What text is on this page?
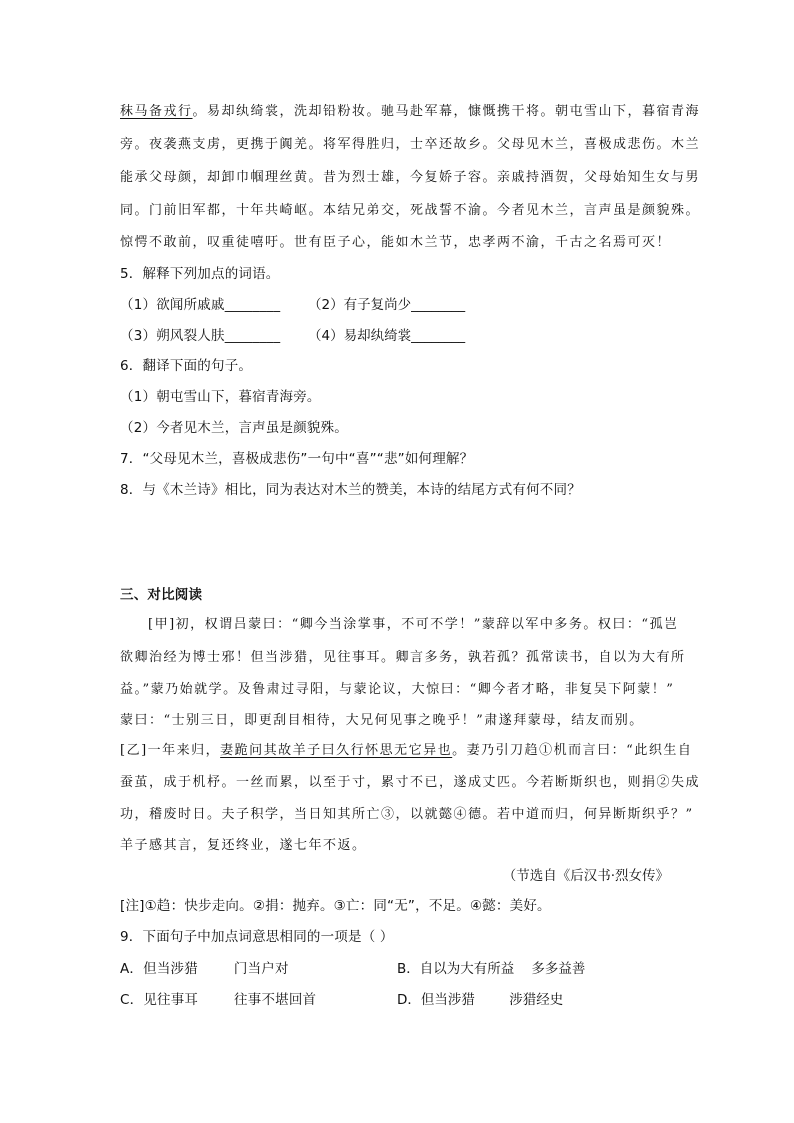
秣马备戎行。易却纨绮裳，洗却铅粉妆。驰马赴军幕，慷慨携干将。朝屯雪山下，暮宿青海
旁。夜袭燕支虏，更携于阗羌。将军得胜归，士卒还故乡。父母见木兰，喜极成悲伤。木兰
能承父母颜，却卸巾帼理丝黄。昔为烈士雄，今复娇子容。亲戚持酒贺，父母始知生女与男
同。门前旧军都，十年共崎岖。本结兄弟交，死战誓不渝。今者见木兰，言声虽是颜貌殊。
惊愕不敢前，叹重徒嘻吁。世有臣子心，能如木兰节，忠孝两不渝，千古之名焉可灭！
5．解释下列加点的词语。
（1）欲闻所戚戚________ （2）有子复尚少________
（3）朔风裂人肤________ （4）易却纨绮裳________
6．翻译下面的句子。
（1）朝屯雪山下，暮宿青海旁。
（2）今者见木兰，言声虽是颜貌殊。
7．“父母见木兰，喜极成悲伤”一句中“喜”“悲”如何理解？
8．与《木兰诗》相比，同为表达对木兰的赞美，本诗的结尾方式有何不同？
三、对比阅读
[甲]初，权谓吕蒙曰：“卿今当涂掌事，不可不学！”蒙辞以军中多务。权曰：“孤岂
欲卿治经为博士邪！但当涉猎，见往事耳。卿言多务，孰若孤？孤常读书，自以为大有所
益。”蒙乃始就学。及鲁肃过寻阳，与蒙论议，大惊曰：“卿今者才略，非复吴下阿蒙！”
蒙曰：“士别三日，即更刮目相待，大兄何见事之晚乎！”肃遂拜蒙母，结友而别。
[乙]一年来归，妻跪问其故羊子曰久行怀思无它异也。妻乃引刀趋①机而言曰：“此织生自
蚕茧，成于机杼。一丝而累，以至于寸，累寸不已，遂成丈匹。今若断斯织也，则捐②失成
功，稽废时日。夫子积学，当日知其所亡③，以就懿④德。若中道而归，何异断斯织乎？”
羊子感其言，复还终业，遂七年不返。
（节选自《后汉书·烈女传》
[注]①趋：快步走向。②捐：抛弃。③亡：同“无”，不足。④懿：美好。
9．下面句子中加点词意思相同的一项是（ ）
A．但当涉猎        门当户对	B．自以为大有所益    多多益善
C．见往事耳        往事不堪回首	D．但当涉猎        涉猎经史
